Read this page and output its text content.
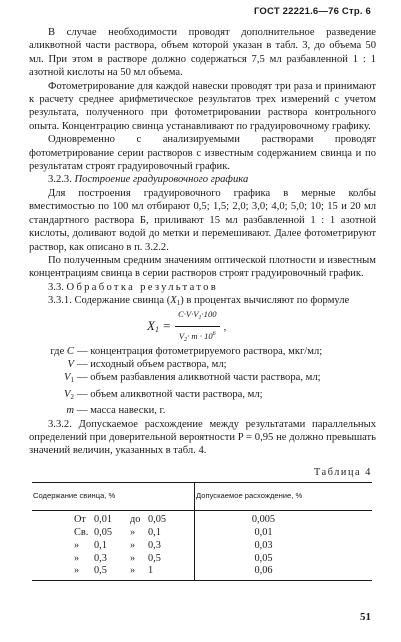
ГОСТ 22221.6—76 Стр. 6

В случае необходимости проводят дополнительное разведение аликвотной части раствора, объем которой указан в табл. 3, до объема 50 мл. При этом в растворе должно содержаться 7,5 мл разбавленной 1 : 1 азотной кислоты на 50 мл объема.

Фотометрирование для каждой навески проводят три раза и принимают к расчету среднее арифметическое результатов трех измерений с учетом результата, полученного при фотометрировании раствора контрольного опыта. Концентрацию свинца устанавливают по градуировочному графику.

Одновременно с анализируемыми растворами проводят фотометрирование серии растворов с известным содержанием свинца и по результатам строят градуировочный график.

3.2.3. Построение градуировочного графика

Для построения градуировочного графика в мерные колбы вместимостью по 100 мл отбирают 0,5; 1,5; 2,0; 3,0; 4,0; 5,0; 10; 15 и 20 мл стандартного раствора Б, приливают 15 мл разбавленной 1 : 1 азотной кислоты, доливают водой до метки и перемешивают. Далее фотометрируют раствор, как описано в п. 3.2.2.

По полученным средним значениям оптической плотности и известным концентрациям свинца в серии растворов строят градуировочный график.

3.3. Обработка результатов

3.3.1. Содержание свинца $(X_1)$ в процентах вычисляют по формуле

$X_1 = \frac{C\cdot V\cdot V_1\cdot 100}{V_2\cdot m \cdot 10^6}$ ,
где C — концентрация фотометрируемого раствора, мкг/мл;
V — исходный объем раствора, мл;
$V_1$ — объем разбавления аликвотной части раствора, мл;
$V_2$ — объем аликвотной части раствора, мл;
m — масса навески, г.

3.3.2. Допускаемое расхождение между результатами параллельных определений при доверительной вероятности P = 0,95 не должно превышать значений величин, указанных в табл. 4.

Таблица 4
Содержание свинца, %	Допускаемое расхождение, %

От 0,01 до 0,05	0,005

Св. 0,05 » 0,1	0,01

» 0,1 » 0,3	0,03

» 0,3 » 0,5	0,05

» 0,5 » 1	0,06
51
